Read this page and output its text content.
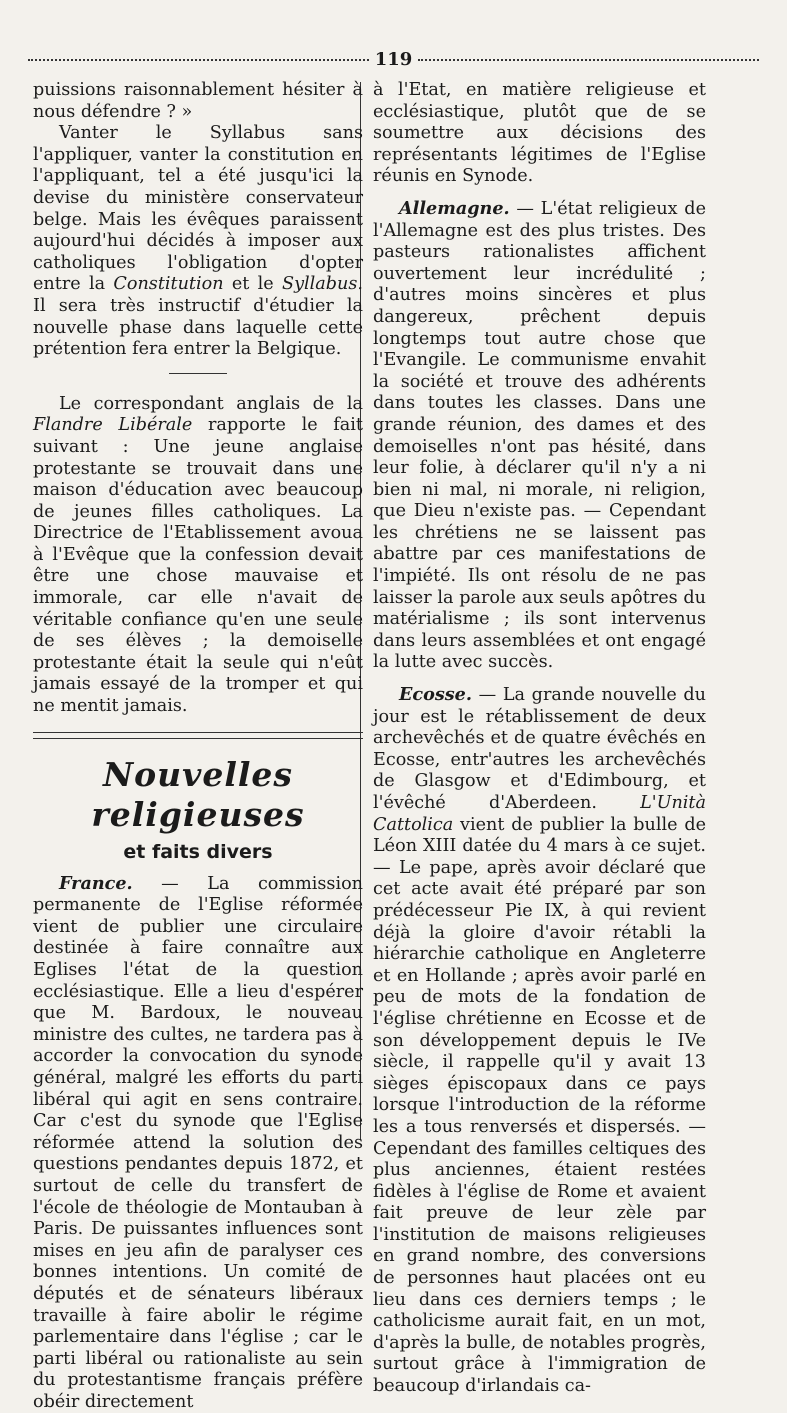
119

puissions raisonnablement hésiter à nous défendre ? »

Vanter le Syllabus sans l'appliquer, vanter la constitution en l'appliquant, tel a été jusqu'ici la devise du ministère conservateur belge. Mais les évêques paraissent aujourd'hui décidés à imposer aux catholiques l'obligation d'opter entre la Constitution et le Syllabus. Il sera très instructif d'étudier la nouvelle phase dans laquelle cette prétention fera entrer la Belgique.

Le correspondant anglais de la Flandre Libérale rapporte le fait suivant : Une jeune anglaise protestante se trouvait dans une maison d'éducation avec beaucoup de jeunes filles catholiques. La Directrice de l'Etablissement avoua à l'Evêque que la confession devait être une chose mauvaise et immorale, car elle n'avait de véritable confiance qu'en une seule de ses élèves ; la demoiselle protestante était la seule qui n'eût jamais essayé de la tromper et qui ne mentit jamais.

Nouvelles religieuses
et faits divers

France. — La commission permanente de l'Eglise réformée vient de publier une circulaire destinée à faire connaître aux Eglises l'état de la question ecclésiastique. Elle a lieu d'espérer que M. Bardoux, le nouveau ministre des cultes, ne tardera pas à accorder la convocation du synode général, malgré les efforts du parti libéral qui agit en sens contraire. Car c'est du synode que l'Eglise réformée attend la solution des questions pendantes depuis 1872, et surtout de celle du transfert de l'école de théologie de Montauban à Paris. De puissantes influences sont mises en jeu afin de paralyser ces bonnes intentions. Un comité de députés et de sénateurs libéraux travaille à faire abolir le régime parlementaire dans l'église ; car le parti libéral ou rationaliste au sein du protestantisme français préfère obéir directement

à l'Etat, en matière religieuse et ecclésiastique, plutôt que de se soumettre aux décisions des représentants légitimes de l'Eglise réunis en Synode.

Allemagne. — L'état religieux de l'Allemagne est des plus tristes. Des pasteurs rationalistes affichent ouvertement leur incrédulité ; d'autres moins sincères et plus dangereux, prêchent depuis longtemps tout autre chose que l'Evangile. Le communisme envahit la société et trouve des adhérents dans toutes les classes. Dans une grande réunion, des dames et des demoiselles n'ont pas hésité, dans leur folie, à déclarer qu'il n'y a ni bien ni mal, ni morale, ni religion, que Dieu n'existe pas. — Cependant les chrétiens ne se laissent pas abattre par ces manifestations de l'impiété. Ils ont résolu de ne pas laisser la parole aux seuls apôtres du matérialisme ; ils sont intervenus dans leurs assemblées et ont engagé la lutte avec succès.

Ecosse. — La grande nouvelle du jour est le rétablissement de deux archevêchés et de quatre évêchés en Ecosse, entr'autres les archevêchés de Glasgow et d'Edimbourg, et l'évêché d'Aberdeen. L'Unità Cattolica vient de publier la bulle de Léon XIII datée du 4 mars à ce sujet. — Le pape, après avoir déclaré que cet acte avait été préparé par son prédécesseur Pie IX, à qui revient déjà la gloire d'avoir rétabli la hiérarchie catholique en Angleterre et en Hollande ; après avoir parlé en peu de mots de la fondation de l'église chrétienne en Ecosse et de son développement depuis le IVe siècle, il rappelle qu'il y avait 13 sièges épiscopaux dans ce pays lorsque l'introduction de la réforme les a tous renversés et dispersés. — Cependant des familles celtiques des plus anciennes, étaient restées fidèles à l'église de Rome et avaient fait preuve de leur zèle par l'institution de maisons religieuses en grand nombre, des conversions de personnes haut placées ont eu lieu dans ces derniers temps ; le catholicisme aurait fait, en un mot, d'après la bulle, de notables progrès, surtout grâce à l'immigration de beaucoup d'irlandais ca-
